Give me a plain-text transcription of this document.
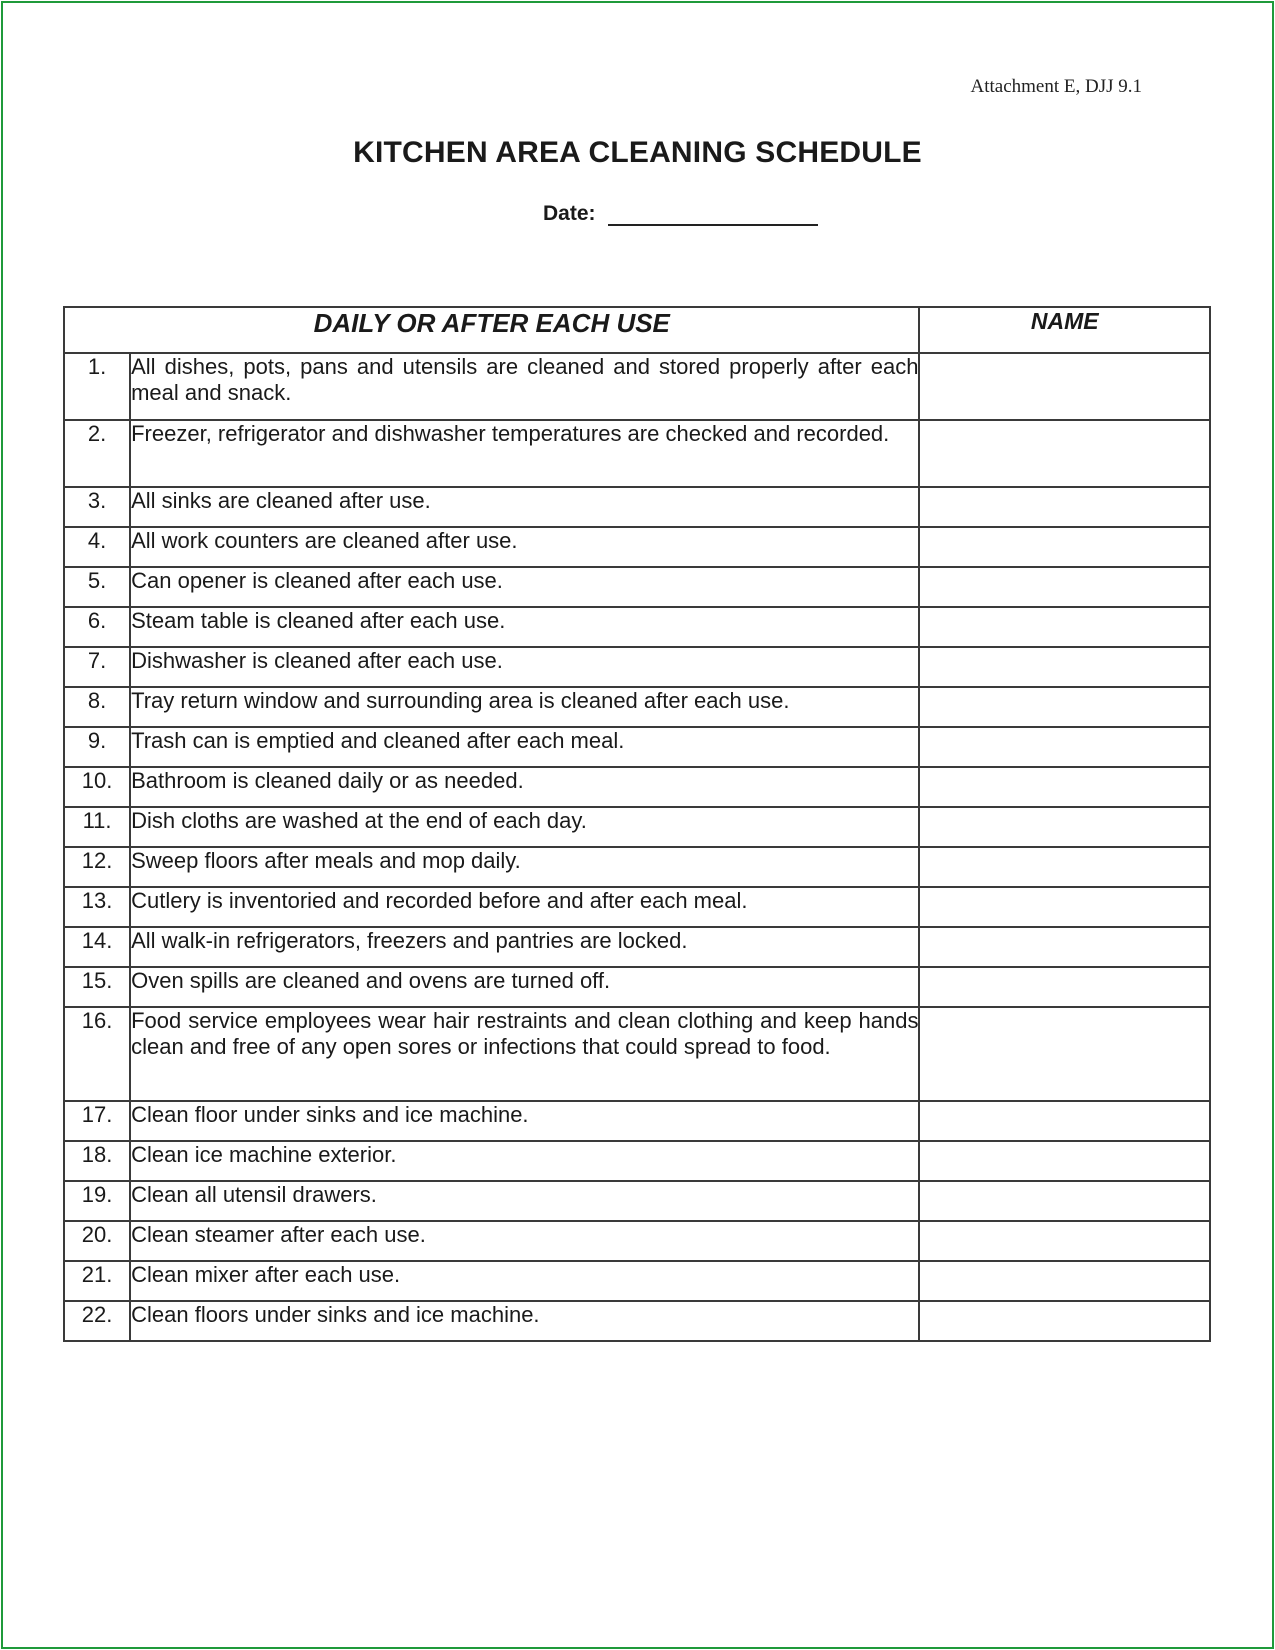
Attachment E, DJJ 9.1
KITCHEN AREA CLEANING SCHEDULE
Date:
DAILY OR AFTER EACH USE		NAME
1.	All dishes, pots, pans and utensils are cleaned and stored properly after each meal and snack.	
2.	Freezer, refrigerator and dishwasher temperatures are checked and recorded.	
3.	All sinks are cleaned after use.	
4.	All work counters are cleaned after use.	
5.	Can opener is cleaned after each use.	
6.	Steam table is cleaned after each use.	
7.	Dishwasher is cleaned after each use.	
8.	Tray return window and surrounding area is cleaned after each use.	
9.	Trash can is emptied and cleaned after each meal.	
10.	Bathroom is cleaned daily or as needed.	
11.	Dish cloths are washed at the end of each day.	
12.	Sweep floors after meals and mop daily.	
13.	Cutlery is inventoried and recorded before and after each meal.	
14.	All walk-in refrigerators, freezers and pantries are locked.	
15.	Oven spills are cleaned and ovens are turned off.	
16.	Food service employees wear hair restraints and clean clothing and keep hands clean and free of any open sores or infections that could spread to food.	
17.	Clean floor under sinks and ice machine.	
18.	Clean ice machine exterior.	
19.	Clean all utensil drawers.	
20.	Clean steamer after each use.	
21.	Clean mixer after each use.	
22.	Clean floors under sinks and ice machine.	
